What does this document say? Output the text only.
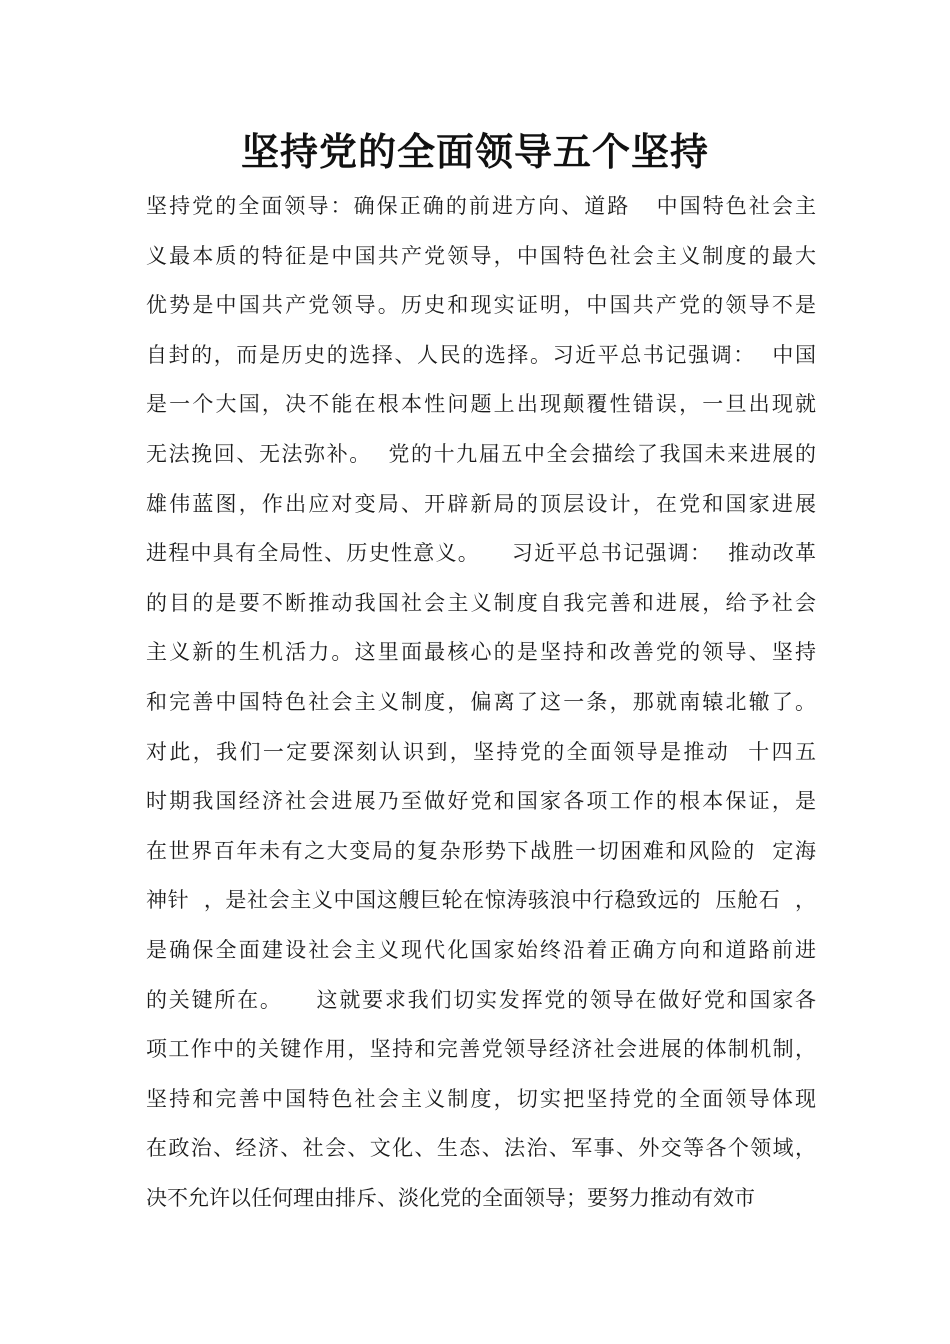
坚持党的全面领导五个坚持
坚持党的全面领导：确保正确的前进方向、道路   中国特色社会主
义最本质的特征是中国共产党领导，中国特色社会主义制度的最大
优势是中国共产党领导。历史和现实证明，中国共产党的领导不是
自封的，而是历史的选择、人民的选择。习近平总书记强调：  中国
是一个大国，决不能在根本性问题上出现颠覆性错误，一旦出现就
无法挽回、无法弥补。  党的十九届五中全会描绘了我国未来进展的
雄伟蓝图，作出应对变局、开辟新局的顶层设计，在党和国家进展
进程中具有全局性、历史性意义。    习近平总书记强调：  推动改革
的目的是要不断推动我国社会主义制度自我完善和进展，给予社会
主义新的生机活力。这里面最核心的是坚持和改善党的领导、坚持
和完善中国特色社会主义制度，偏离了这一条，那就南辕北辙了。
对此，我们一定要深刻认识到，坚持党的全面领导是推动  十四五
时期我国经济社会进展乃至做好党和国家各项工作的根本保证，是
在世界百年未有之大变局的复杂形势下战胜一切困难和风险的  定海
神针  ，是社会主义中国这艘巨轮在惊涛骇浪中行稳致远的  压舱石  ，
是确保全面建设社会主义现代化国家始终沿着正确方向和道路前进
的关键所在。    这就要求我们切实发挥党的领导在做好党和国家各
项工作中的关键作用，坚持和完善党领导经济社会进展的体制机制，
坚持和完善中国特色社会主义制度，切实把坚持党的全面领导体现
在政治、经济、社会、文化、生态、法治、军事、外交等各个领域，
决不允许以任何理由排斥、淡化党的全面领导；要努力推动有效市
